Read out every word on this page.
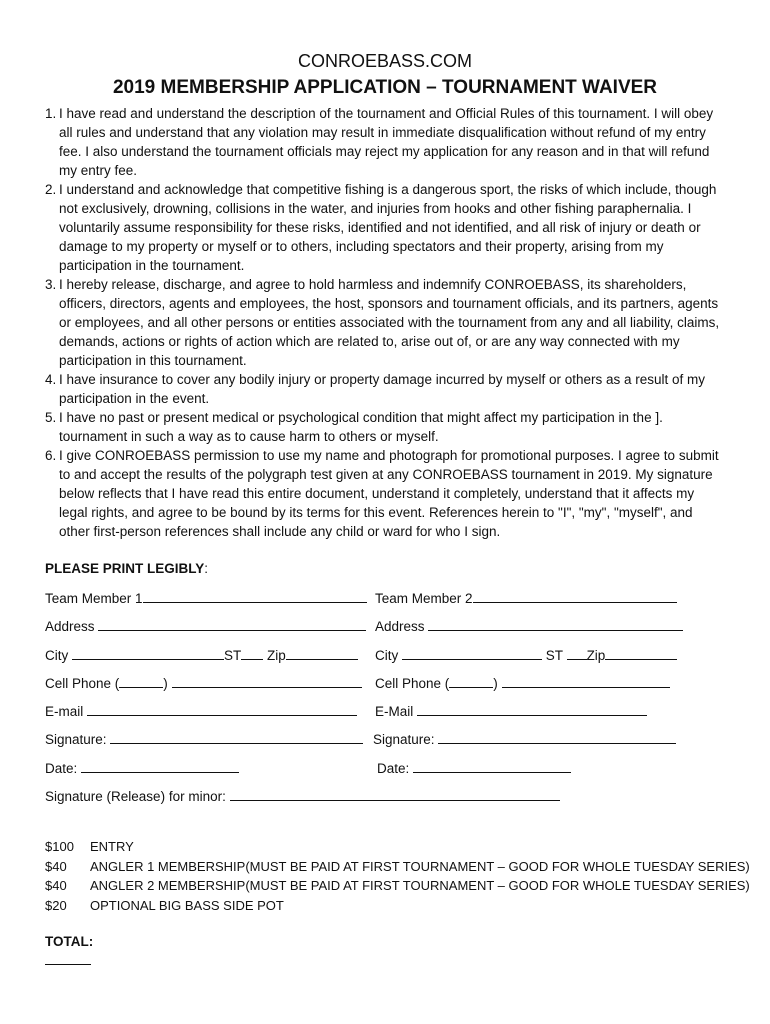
CONROEBASS.COM
2019 MEMBERSHIP APPLICATION – TOURNAMENT WAIVER
1. I have read and understand the description of the tournament and Official Rules of this tournament. I will obey all rules and understand that any violation may result in immediate disqualification without refund of my entry fee. I also understand the tournament officials may reject my application for any reason and in that will refund my entry fee.
2. I understand and acknowledge that competitive fishing is a dangerous sport, the risks of which include, though not exclusively, drowning, collisions in the water, and injuries from hooks and other fishing paraphernalia. I voluntarily assume responsibility for these risks, identified and not identified, and all risk of injury or death or damage to my property or myself or to others, including spectators and their property, arising from my participation in the tournament.
3. I hereby release, discharge, and agree to hold harmless and indemnify CONROEBASS, its shareholders, officers, directors, agents and employees, the host, sponsors and tournament officials, and its partners, agents or employees, and all other persons or entities associated with the tournament from any and all liability, claims, demands, actions or rights of action which are related to, arise out of, or are any way connected with my participation in this tournament.
4. I have insurance to cover any bodily injury or property damage incurred by myself or others as a result of my participation in the event.
5. I have no past or present medical or psychological condition that might affect my participation in the ]. tournament in such a way as to cause harm to others or myself.
6. I give CONROEBASS permission to use my name and photograph for promotional purposes. I agree to submit to and accept the results of the polygraph test given at any CONROEBASS tournament in 2019. My signature below reflects that I have read this entire document, understand it completely, understand that it affects my legal rights, and agree to be bound by its terms for this event. References herein to "I", "my", "myself", and other first-person references shall include any child or ward for who I sign.
PLEASE PRINT LEGIBLY:
Team Member 1
Address
City	ST Zip
Cell Phone (	)
E-mail
Signature:
Date:
Team Member 2
Address
City	ST Zip
Cell Phone (	)
E-Mail
Signature:
Date:
Signature (Release) for minor:
$100 ENTRY
$40 ANGLER 1 MEMBERSHIP(MUST BE PAID AT FIRST TOURNAMENT – GOOD FOR WHOLE TUESDAY SERIES)
$40 ANGLER 2 MEMBERSHIP(MUST BE PAID AT FIRST TOURNAMENT – GOOD FOR WHOLE TUESDAY SERIES)
$20 OPTIONAL BIG BASS SIDE POT
TOTAL:
